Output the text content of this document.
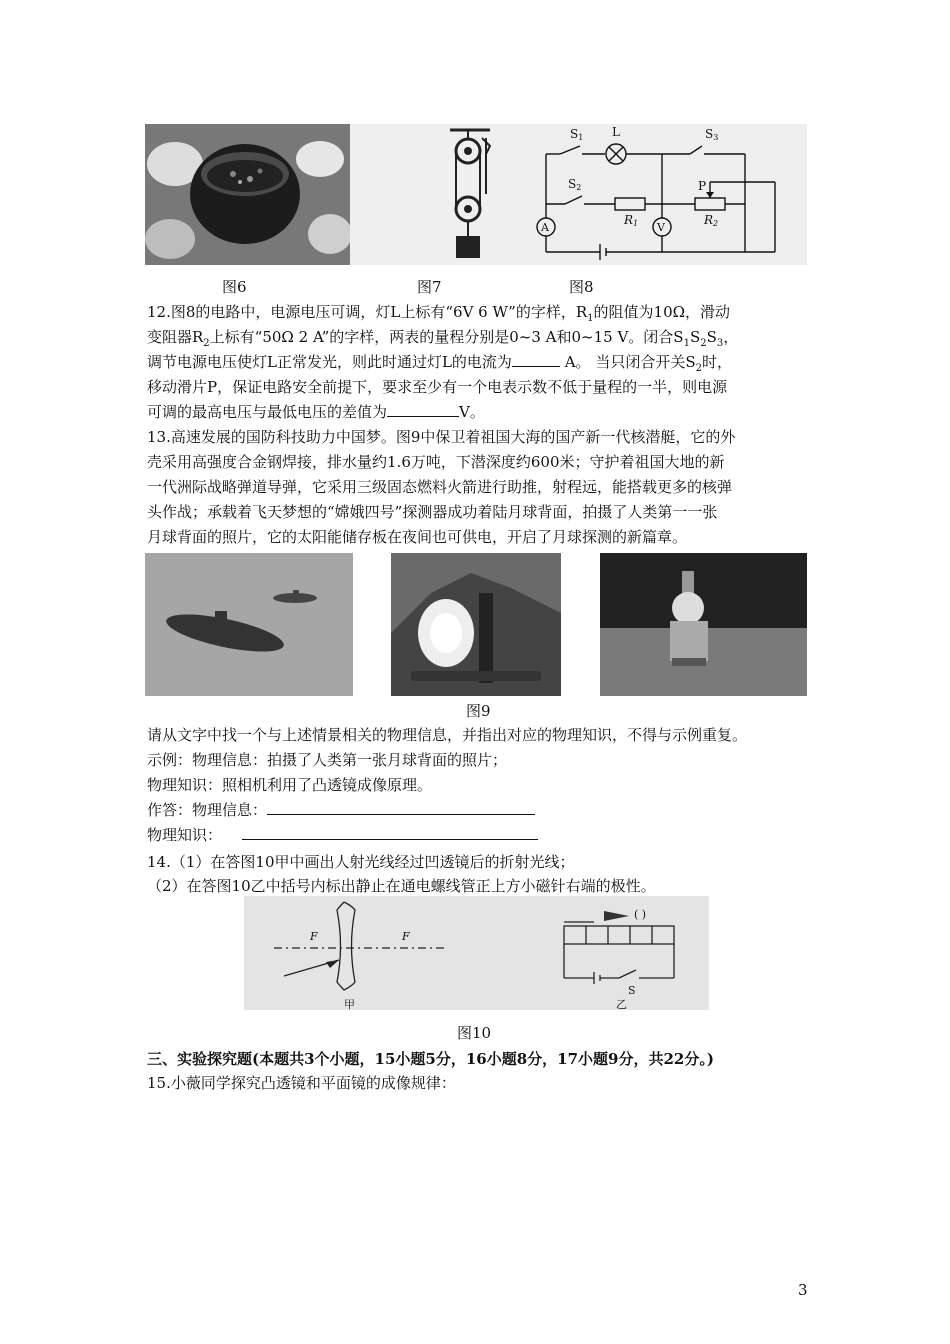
S1 L	S3
S2	P
R1	R2
A	V
图6	图7	图8
12.图8的电路中，电源电压可调，灯L上标有“6V 6 W”的字样，$R_1$的阻值为10Ω，滑动
变阻器$R_2$上标有“50Ω 2 A”的字样，两表的量程分别是0~3 A和0~15 V。闭合$S_1S_2S_3$，
调节电源电压使灯L正常发光，则此时通过灯L的电流为	A。 当只闭合开关$S_2$时，
移动滑片P，保证电路安全前提下，要求至少有一个电表示数不低于量程的一半，则电源
可调的最高电压与最低电压的差值为	V。
13.高速发展的国防科技助力中国梦。图9中保卫着祖国大海的国产新一代核潜艇，它的外
壳采用高强度合金钢焊接，排水量约1.6万吨，下潜深度约600米；守护着祖国大地的新
一代洲际战略弹道导弹，它采用三级固态燃料火箭进行助推，射程远，能搭载更多的核弹
头作战；承载着飞天梦想的“嫦娥四号”探测器成功着陆月球背面，拍摄了人类第一一张
月球背面的照片，它的太阳能储存板在夜间也可供电，开启了月球探测的新篇章。
图9
请从文字中找一个与上述情景相关的物理信息，并指出对应的物理知识，不得与示例重复。
示例：物理信息：拍摄了人类第一张月球背面的照片；
物理知识：照相机利用了凸透镜成像原理。
作答：物理信息：
物理知识：
14.（1）在答图10甲中画出人射光线经过凹透镜后的折射光线；
（2）在答图10乙中括号内标出静止在通电螺线管正上方小磁针右端的极性。
F	F
( )
S
甲	乙
图10
三、实验探究题(本题共3个小题，15小题5分，16小题8分，17小题9分，共22分。)
15.小薇同学探究凸透镜和平面镜的成像规律：
3
